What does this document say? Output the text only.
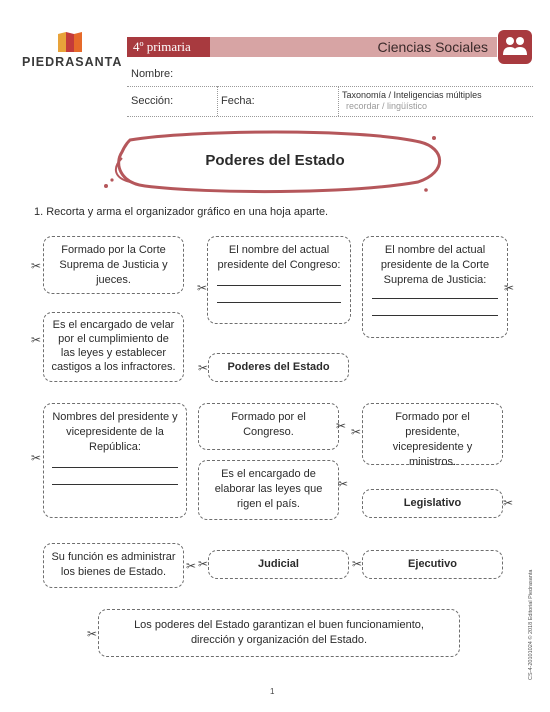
PIEDRASANTA
4º primaria	Ciencias Sociales
Nombre:
Sección:	Fecha:	Taxonomía / Inteligencias múltiples
recordar / lingüístico
Poderes del Estado
1. Recorta y arma el organizador gráfico en una hoja aparte.
Formado por la Corte Suprema de Justicia y jueces.
✂
El nombre del actual presidente del Congreso:
✂
El nombre del actual presidente de la Corte Suprema de Justicia:
✂
Es el encargado de velar por el cumplimiento de las leyes y establecer castigos a los infractores.
✂
Poderes del Estado
✂
Nombres del presidente y vicepresidente de la República:
✂
Formado por el Congreso.	✂
Formado por el presidente, vicepresidente y ministros.
✂
Es el encargado de elaborar las leyes que rigen el país.
✂
Legislativo	✂
Su función es administrar los bienes de Estado.	✂	Judicial
✂	Ejecutivo
✂
Los poderes del Estado garantizan el buen funcionamiento, dirección y organización del Estado.
✂
1
CS-4-20101024 © 2018 Editorial Piedrasanta
